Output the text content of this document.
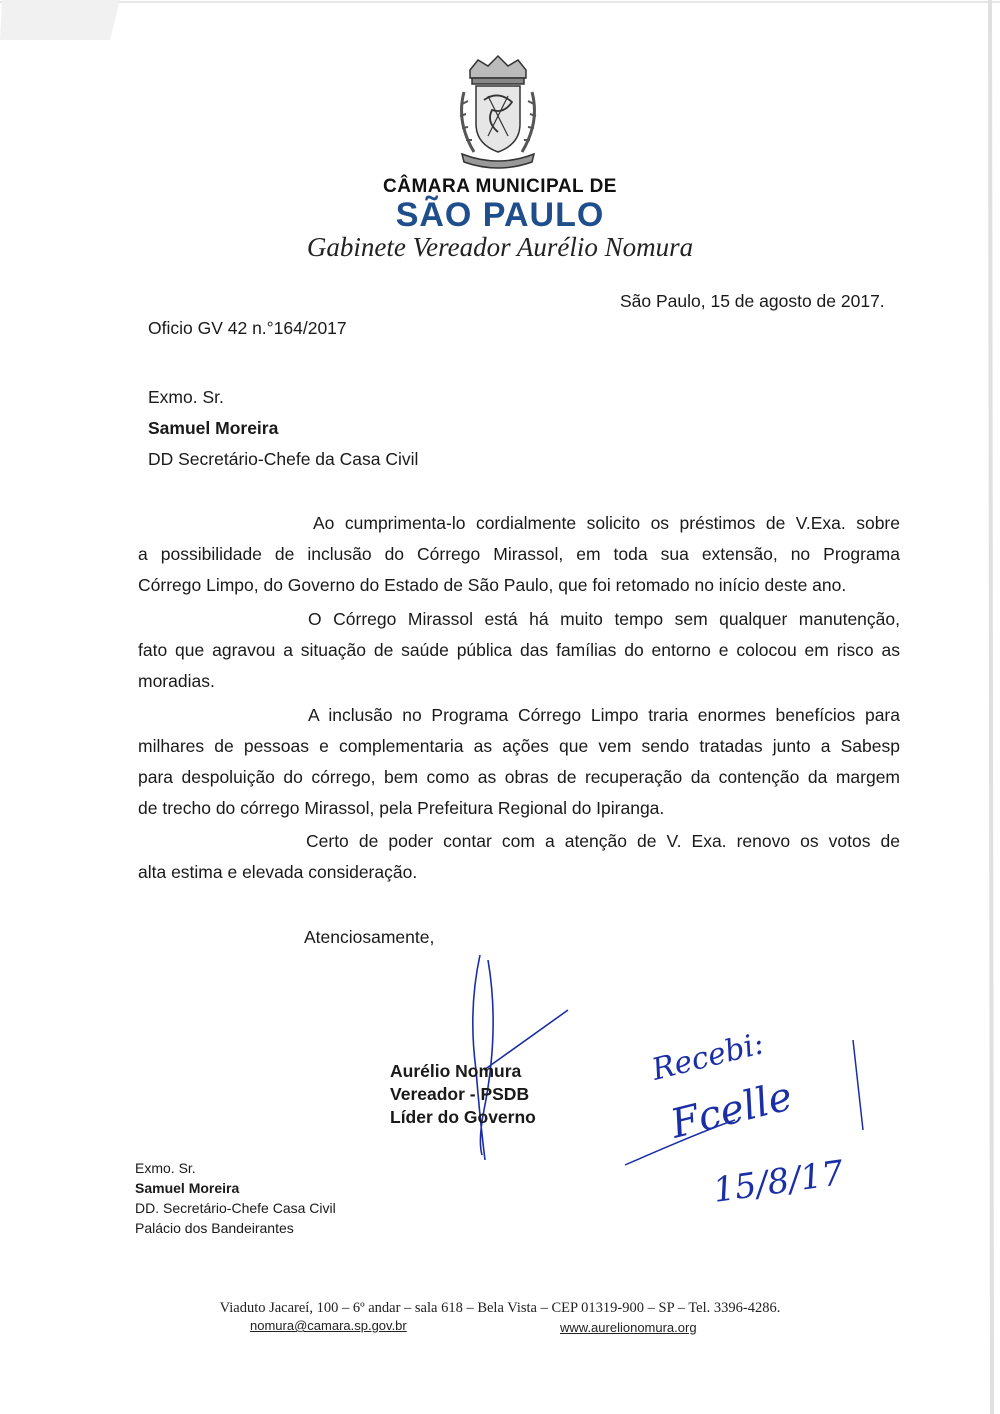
CÂMARA MUNICIPAL DE
SÃO PAULO
Gabinete Vereador Aurélio Nomura
São Paulo, 15 de agosto de 2017.
Oficio GV 42 n.°164/2017
Exmo. Sr.
Samuel Moreira
DD Secretário-Chefe da Casa Civil
Ao cumprimenta-lo cordialmente solicito os préstimos de V.Exa. sobre
a possibilidade de inclusão do Córrego Mirassol, em toda sua extensão, no Programa
Córrego Limpo, do Governo do Estado de São Paulo, que foi retomado no início deste ano.
O Córrego Mirassol está há muito tempo sem qualquer manutenção,
fato que agravou a situação de saúde pública das famílias do entorno e colocou em risco as
moradias.
A inclusão no Programa Córrego Limpo traria enormes benefícios para
milhares de pessoas e complementaria as ações que vem sendo tratadas junto a Sabesp
para despoluição do córrego, bem como as obras de recuperação da contenção da margem
de trecho do córrego Mirassol, pela Prefeitura Regional do Ipiranga.
Certo de poder contar com a atenção de V. Exa. renovo os votos de
alta estima e elevada consideração.
Atenciosamente,
Aurélio Nomura
Vereador - PSDB
Líder do Governo
Recebi:
Fcelle
15/8/17
Exmo. Sr.
Samuel Moreira
DD. Secretário-Chefe Casa Civil
Palácio dos Bandeirantes
Viaduto Jacareí, 100 – 6º andar – sala 618 – Bela Vista – CEP 01319-900 – SP – Tel. 3396-4286.
nomura@camara.sp.gov.br	www.aurelionomura.org
